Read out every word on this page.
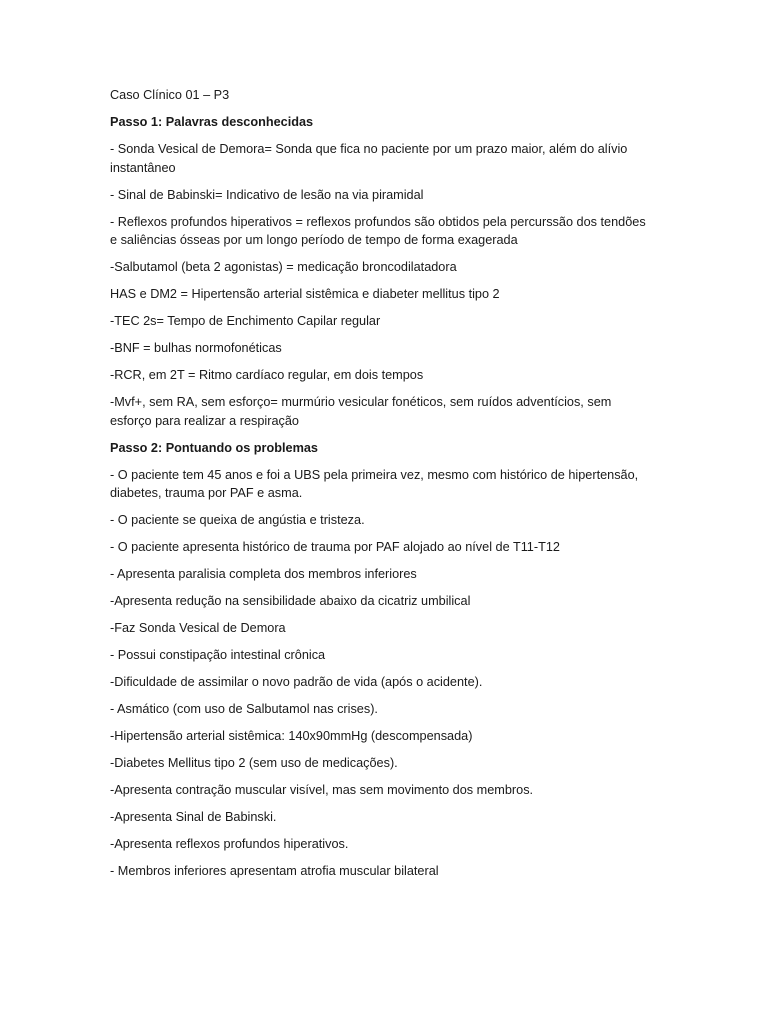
Caso Clínico 01 – P3

Passo 1: Palavras desconhecidas

- Sonda Vesical de Demora= Sonda que fica no paciente por um prazo maior, além do alívio instantâneo

- Sinal de Babinski= Indicativo de lesão na via piramidal

- Reflexos profundos hiperativos = reflexos profundos são obtidos pela percurssão dos tendões e saliências ósseas por um longo período de tempo de forma exagerada

-Salbutamol (beta 2 agonistas) = medicação broncodilatadora

HAS e DM2 = Hipertensão arterial sistêmica e diabeter mellitus tipo 2

-TEC 2s= Tempo de Enchimento Capilar regular

-BNF = bulhas normofonéticas

-RCR, em 2T = Ritmo cardíaco regular, em dois tempos

-Mvf+, sem RA, sem esforço= murmúrio vesicular fonéticos, sem ruídos adventícios, sem esforço para realizar a respiração

Passo 2: Pontuando os problemas

- O paciente tem 45 anos e foi a UBS pela primeira vez, mesmo com histórico de hipertensão, diabetes, trauma por PAF e asma.

- O paciente se queixa de angústia e tristeza.

- O paciente apresenta histórico de trauma por PAF alojado ao nível de T11-T12

- Apresenta paralisia completa dos membros inferiores

-Apresenta redução na sensibilidade abaixo da cicatriz umbilical

-Faz Sonda Vesical de Demora

- Possui constipação intestinal crônica

-Dificuldade de assimilar o novo padrão de vida (após o acidente).

- Asmático (com uso de Salbutamol nas crises).

-Hipertensão arterial sistêmica: 140x90mmHg (descompensada)

-Diabetes Mellitus tipo 2 (sem uso de medicações).

-Apresenta contração muscular visível, mas sem movimento dos membros.

-Apresenta Sinal de Babinski.

-Apresenta reflexos profundos hiperativos.

- Membros inferiores apresentam atrofia muscular bilateral
